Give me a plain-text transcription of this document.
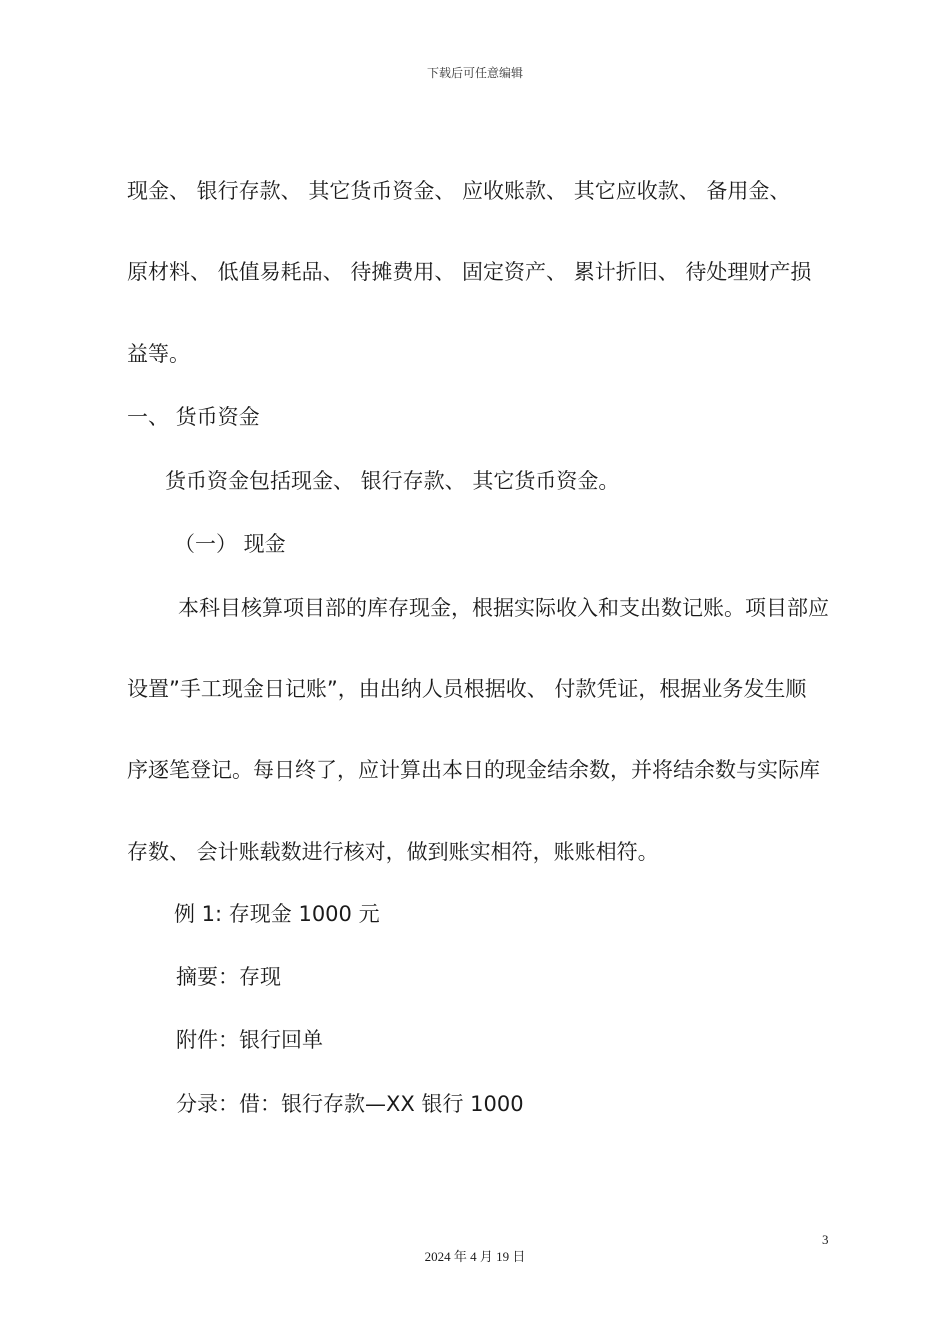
下载后可任意编辑
现金、 银行存款、 其它货币资金、 应收账款、 其它应收款、 备用金、
原材料、 低值易耗品、 待摊费用、 固定资产、 累计折旧、 待处理财产损
益等。
一、 货币资金
货币资金包括现金、 银行存款、 其它货币资金。
（一） 现金
本科目核算项目部的库存现金，根据实际收入和支出数记账。项目部应
设置”手工现金日记账”，由出纳人员根据收、 付款凭证，根据业务发生顺
序逐笔登记。每日终了，应计算出本日的现金结余数，并将结余数与实际库
存数、 会计账载数进行核对，做到账实相符，账账相符。
例 1: 存现金 1000 元
摘要：存现
附件：银行回单
分录：借：银行存款—XX 银行 1000
3
2024 年 4 月 19 日
